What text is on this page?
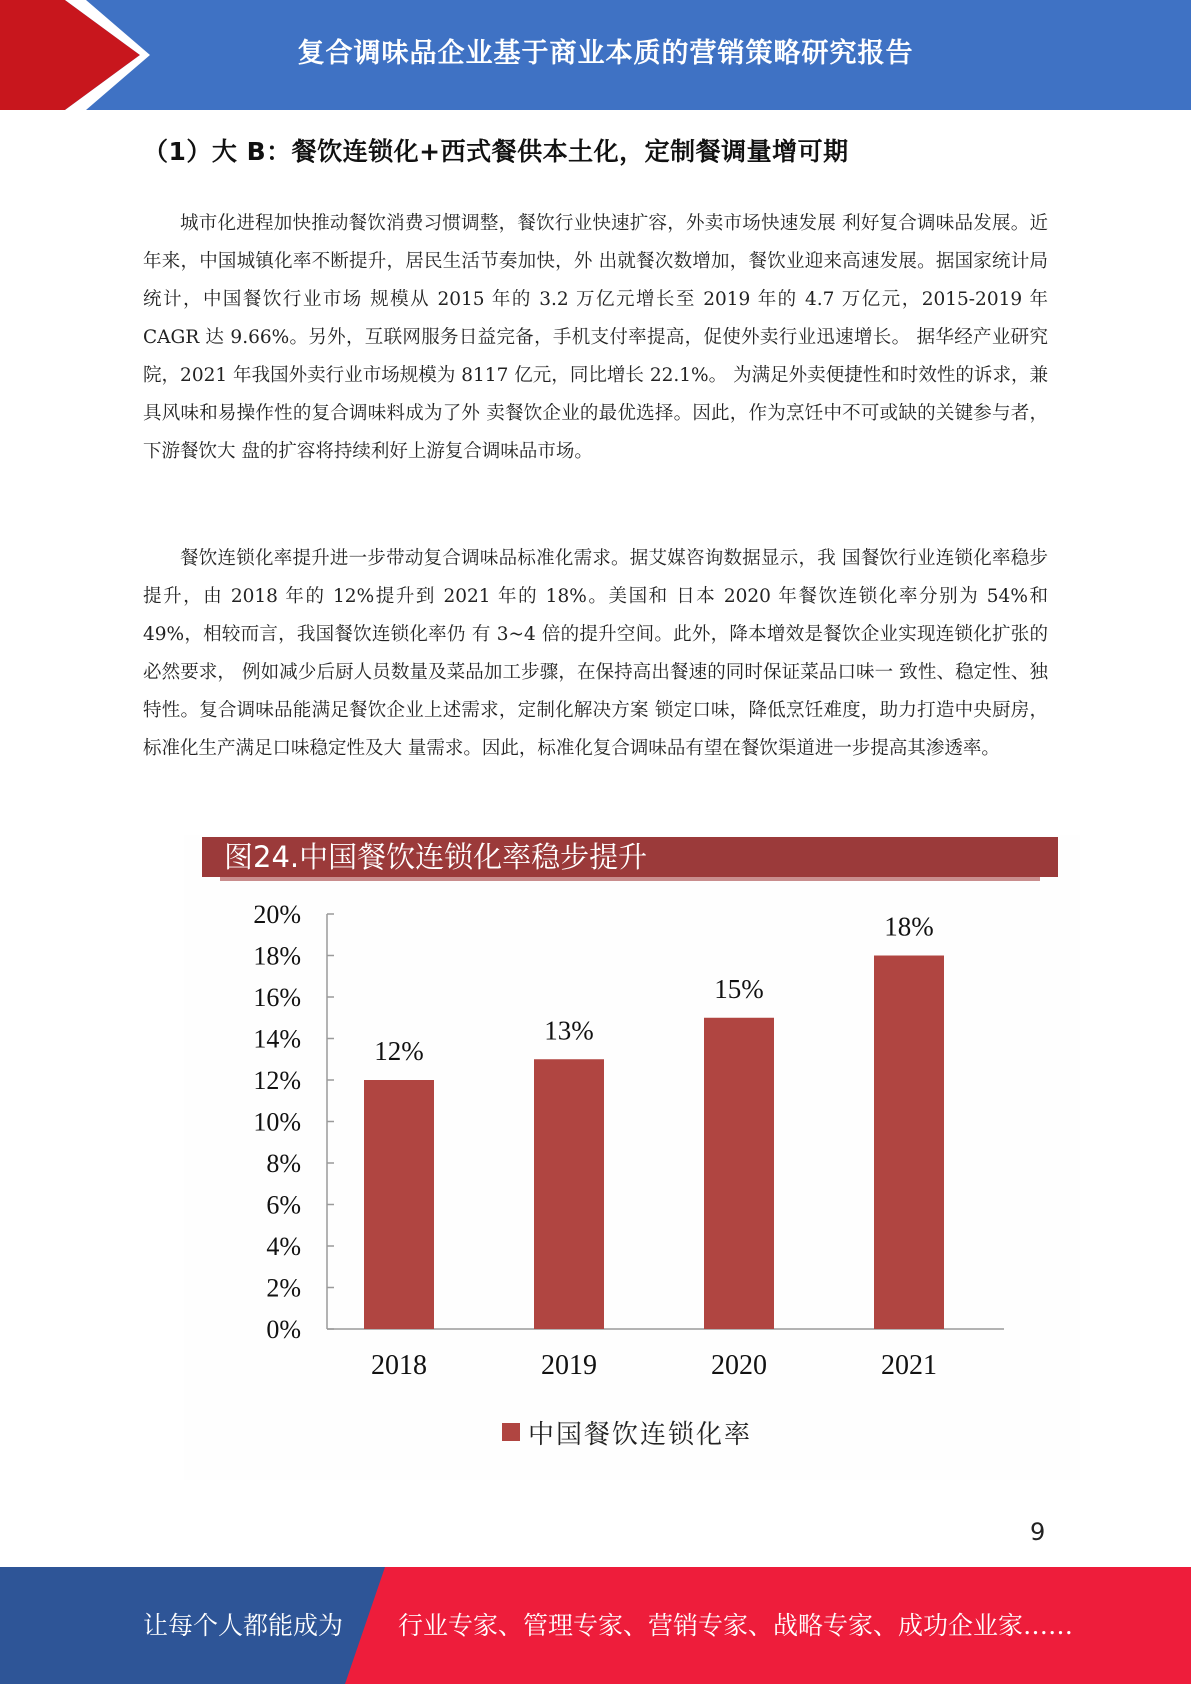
复合调味品企业基于商业本质的营销策略研究报告
（1）大 B：餐饮连锁化+西式餐供本土化，定制餐调量增可期

城市化进程加快推动餐饮消费习惯调整，餐饮行业快速扩容，外卖市场快速发展 利好复合调味品发展。近年来，中国城镇化率不断提升，居民生活节奏加快，外 出就餐次数增加，餐饮业迎来高速发展。据国家统计局统计，中国餐饮行业市场 规模从 2015 年的 3.2 万亿元增长至 2019 年的 4.7 万亿元，2015-2019 年 CAGR 达 9.66%。另外，互联网服务日益完备，手机支付率提高，促使外卖行业迅速增长。 据华经产业研究院，2021 年我国外卖行业市场规模为 8117 亿元，同比增长 22.1%。 为满足外卖便捷性和时效性的诉求，兼具风味和易操作性的复合调味料成为了外 卖餐饮企业的最优选择。因此，作为烹饪中不可或缺的关键参与者，下游餐饮大 盘的扩容将持续利好上游复合调味品市场。

餐饮连锁化率提升进一步带动复合调味品标准化需求。据艾媒咨询数据显示，我 国餐饮行业连锁化率稳步提升，由 2018 年的 12%提升到 2021 年的 18%。美国和 日本 2020 年餐饮连锁化率分别为 54%和 49%，相较而言，我国餐饮连锁化率仍 有 3~4 倍的提升空间。此外，降本增效是餐饮企业实现连锁化扩张的必然要求， 例如减少后厨人员数量及菜品加工步骤，在保持高出餐速的同时保证菜品口味一 致性、稳定性、独特性。复合调味品能满足餐饮企业上述需求，定制化解决方案 锁定口味，降低烹饪难度，助力打造中央厨房，标准化生产满足口味稳定性及大 量需求。因此，标准化复合调味品有望在餐饮渠道进一步提高其渗透率。

0%
2%
4%
6%
8%
10%
12%
14%
16%
18%
20%
12%
2018
13%
2019
15%
2020
18%
2021
图24.中国餐饮连锁化率稳步提升
中国餐饮连锁化率
9
让每个人都能成为 行业专家、管理专家、营销专家、战略专家、成功企业家……
